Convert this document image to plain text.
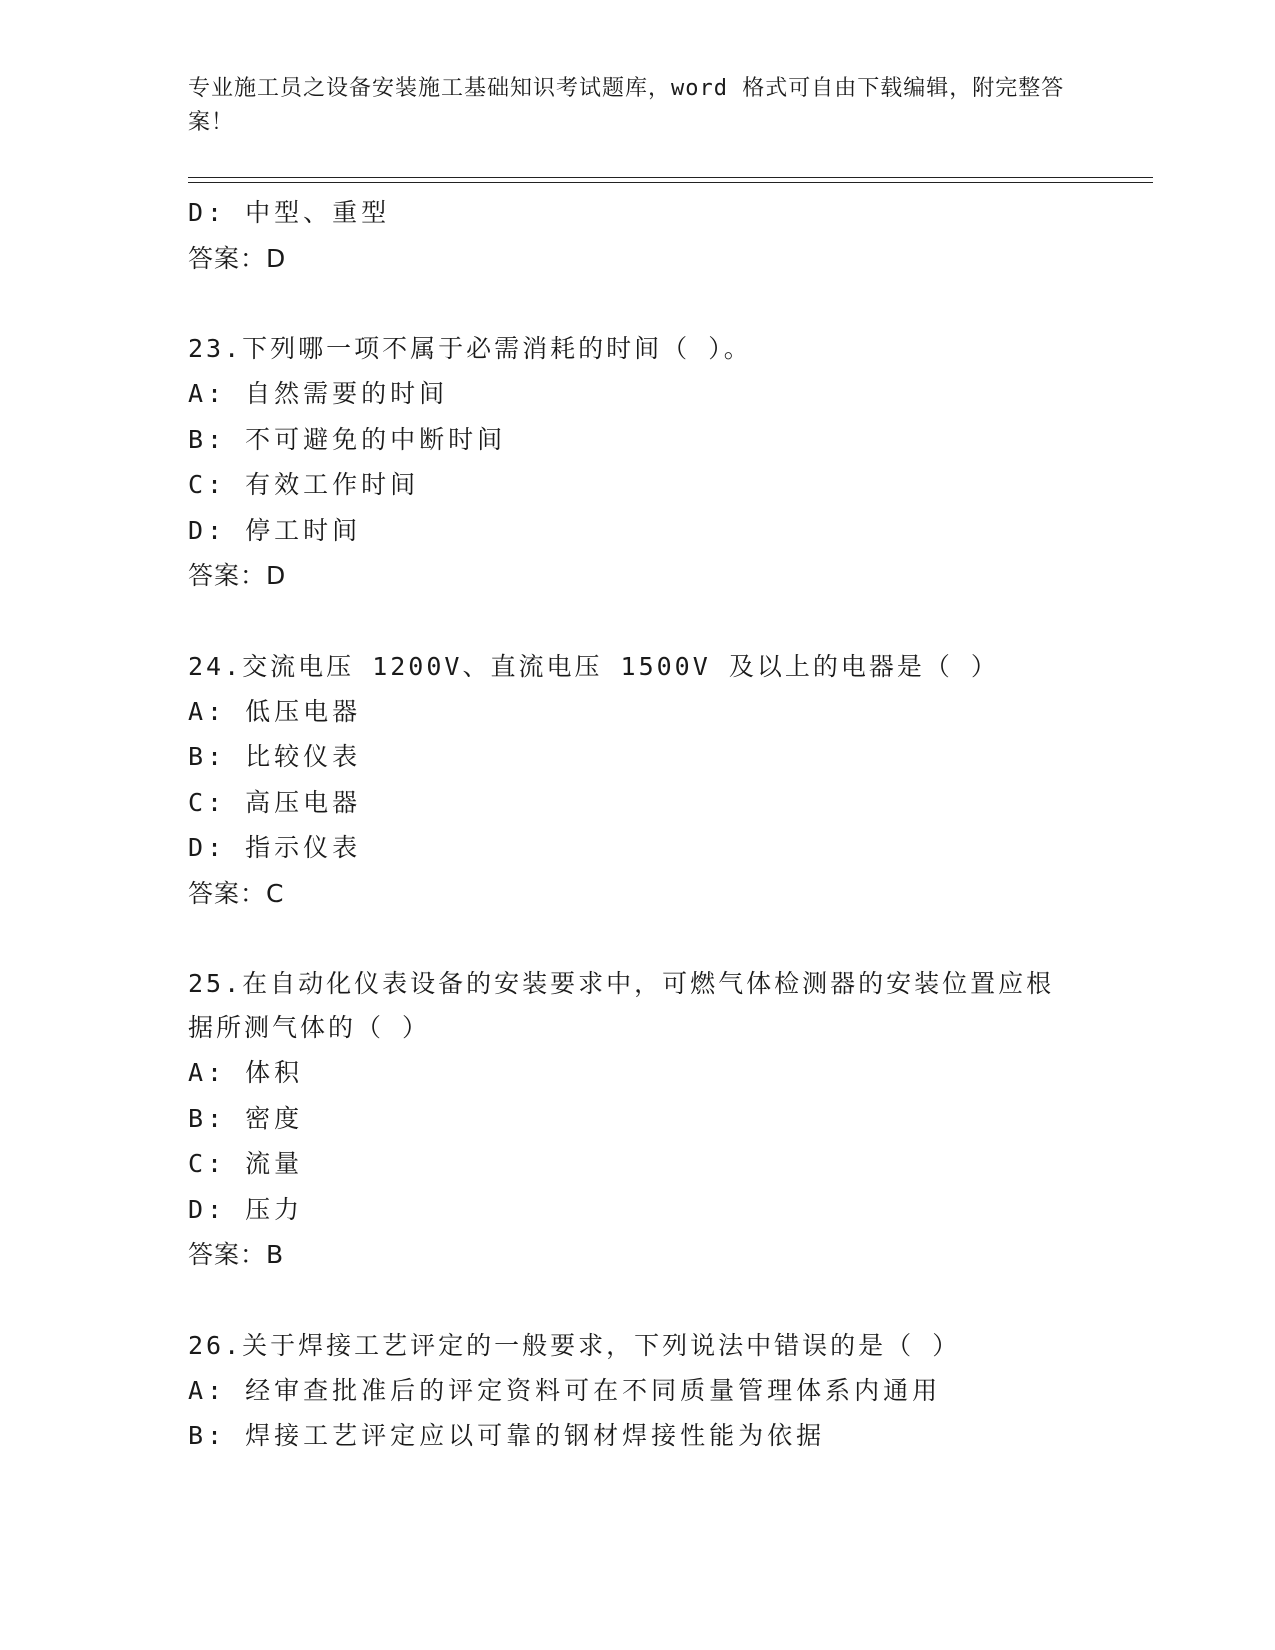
专业施工员之设备安装施工基础知识考试题库，word 格式可自由下载编辑，附完整答案！
D: 中型、重型
答案：D
23.下列哪一项不属于必需消耗的时间（ ）。
A: 自然需要的时间
B: 不可避免的中断时间
C: 有效工作时间
D: 停工时间
答案：D
24.交流电压 1200V、直流电压 1500V 及以上的电器是（ ）
A: 低压电器
B: 比较仪表
C: 高压电器
D: 指示仪表
答案：C
25.在自动化仪表设备的安装要求中，可燃气体检测器的安装位置应根据所测气体的（ ）
A: 体积
B: 密度
C: 流量
D: 压力
答案：B
26.关于焊接工艺评定的一般要求，下列说法中错误的是（ ）
A: 经审查批准后的评定资料可在不同质量管理体系内通用
B: 焊接工艺评定应以可靠的钢材焊接性能为依据
